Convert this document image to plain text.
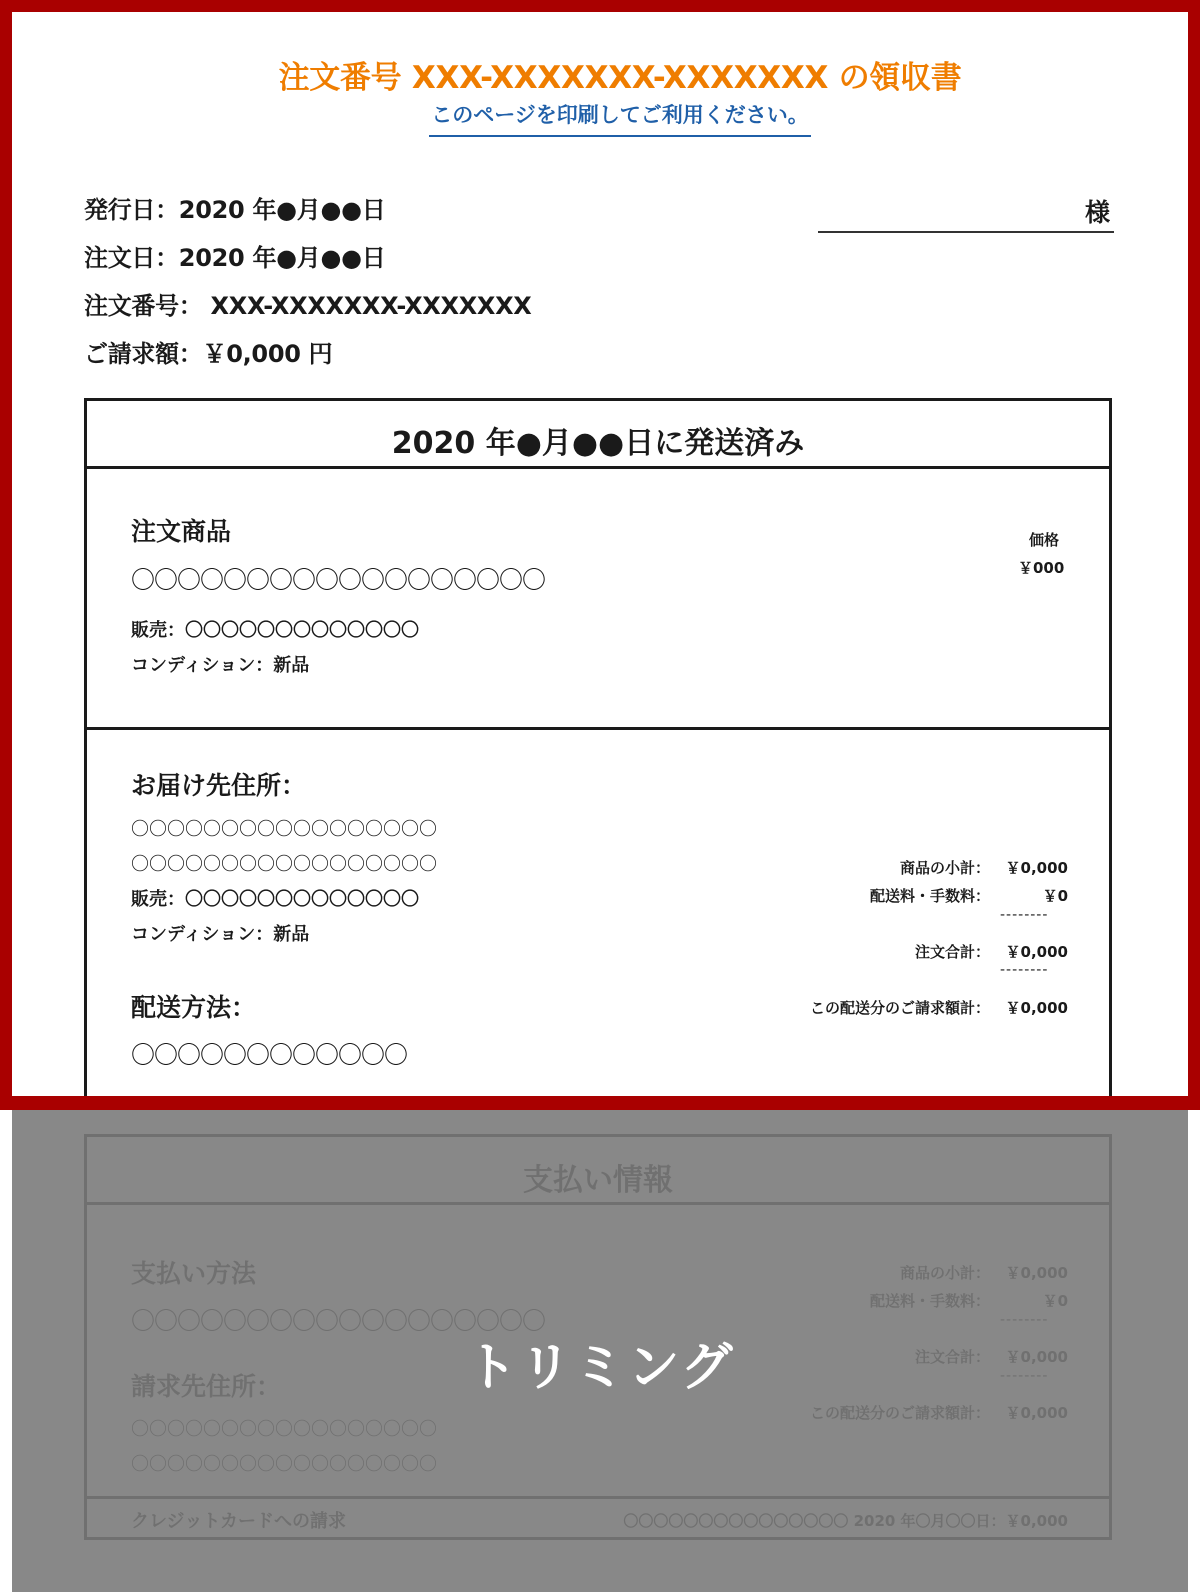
注文番号 XXX-XXXXXXX-XXXXXXX の領収書
このページを印刷してご利用ください。
発行日：2020 年●月●●日
注文日：2020 年●月●●日
注文番号： XXX-XXXXXXX-XXXXXXX
ご請求額：￥0,000 円
様
2020 年●月●●日に発送済み
注文商品
〇〇〇〇〇〇〇〇〇〇〇〇〇〇〇〇〇〇
販売：〇〇〇〇〇〇〇〇〇〇〇〇〇
コンディション：新品
価格
￥000
お届け先住所：
〇〇〇〇〇〇〇〇〇〇〇〇〇〇〇〇〇
〇〇〇〇〇〇〇〇〇〇〇〇〇〇〇〇〇
販売：〇〇〇〇〇〇〇〇〇〇〇〇〇
コンディション：新品
配送方法：
〇〇〇〇〇〇〇〇〇〇〇〇
商品の小計： ￥0,000
配送料・手数料：	￥0
--------
注文合計： ￥0,000
--------
この配送分のご請求額計： ￥0,000
支払い情報
支払い方法
〇〇〇〇〇〇〇〇〇〇〇〇〇〇〇〇〇〇
請求先住所：
〇〇〇〇〇〇〇〇〇〇〇〇〇〇〇〇〇
〇〇〇〇〇〇〇〇〇〇〇〇〇〇〇〇〇
商品の小計： ￥0,000
配送料・手数料：	￥0
--------
注文合計： ￥0,000
--------
この配送分のご請求額計： ￥0,000
クレジットカードへの請求	〇〇〇〇〇〇〇〇〇〇〇〇〇〇〇 2020 年〇月〇〇日：￥0,000
トリミング
